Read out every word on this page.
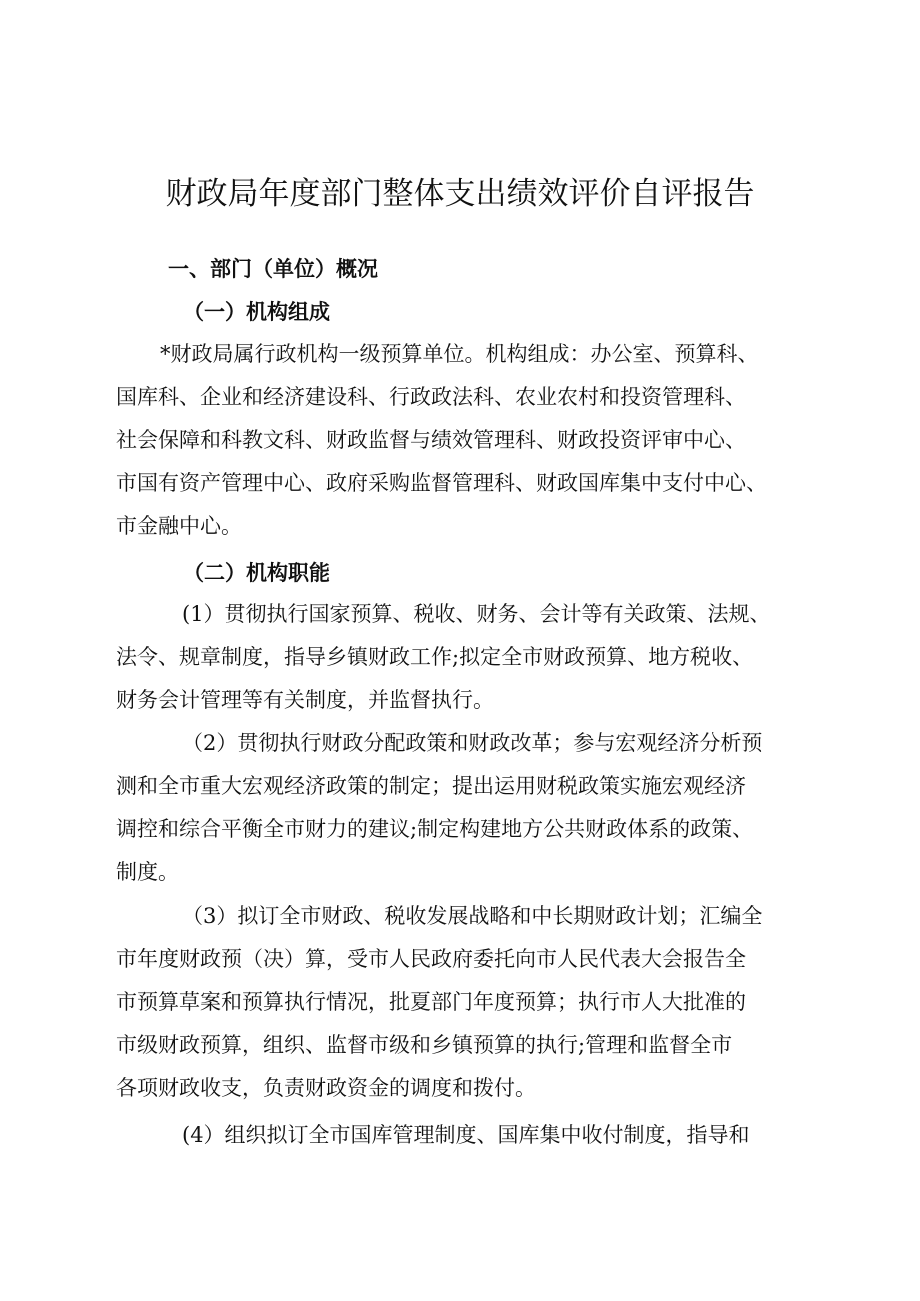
财政局年度部门整体支出绩效评价自评报告
一、部门（单位）概况
（一）机构组成
*财政局属行政机构一级预算单位。机构组成：办公室、预算科、
国库科、企业和经济建设科、行政政法科、农业农村和投资管理科、
社会保障和科教文科、财政监督与绩效管理科、财政投资评审中心、
市国有资产管理中心、政府采购监督管理科、财政国库集中支付中心、
市金融中心。
（二）机构职能
(1）贯彻执行国家预算、税收、财务、会计等有关政策、法规、
法令、规章制度，指导乡镇财政工作;拟定全市财政预算、地方税收、
财务会计管理等有关制度，并监督执行。
（2）贯彻执行财政分配政策和财政改革；参与宏观经济分析预
测和全市重大宏观经济政策的制定；提出运用财税政策实施宏观经济
调控和综合平衡全市财力的建议;制定构建地方公共财政体系的政策、
制度。
（3）拟订全市财政、税收发展战略和中长期财政计划；汇编全
市年度财政预（决）算，受市人民政府委托向市人民代表大会报告全
市预算草案和预算执行情况，批夏部门年度预算；执行市人大批准的
市级财政预算，组织、监督市级和乡镇预算的执行;管理和监督全市
各项财政收支，负责财政资金的调度和拨付。
(4）组织拟订全市国库管理制度、国库集中收付制度，指导和
